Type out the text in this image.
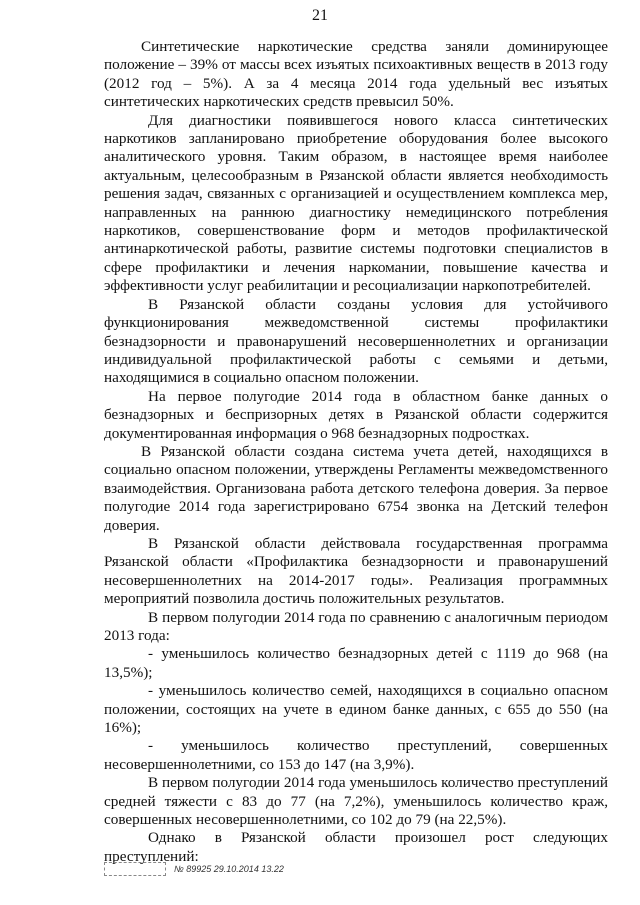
21

Синтетические наркотические средства заняли доминирующее положение – 39% от массы всех изъятых психоактивных веществ в 2013 году (2012 год – 5%). А за 4 месяца 2014 года удельный вес изъятых синтетических наркотических средств превысил 50%.

Для диагностики появившегося нового класса синтетических наркотиков запланировано приобретение оборудования более высокого аналитического уровня. Таким образом, в настоящее время наиболее актуальным, целесообразным в Рязанской области является необходимость решения задач, связанных с организацией и осуществлением комплекса мер, направленных на раннюю диагностику немедицинского потребления наркотиков, совершенствование форм и методов профилактической антинаркотической работы, развитие системы подготовки специалистов в сфере профилактики и лечения наркомании, повышение качества и эффективности услуг реабилитации и ресоциализации наркопотребителей.

В Рязанской области созданы условия для устойчивого функционирования межведомственной системы профилактики безнадзорности и правонарушений несовершеннолетних и организации индивидуальной профилактической работы с семьями и детьми, находящимися в социально опасном положении.

На первое полугодие 2014 года в областном банке данных о безнадзорных и беспризорных детях в Рязанской области содержится документированная информация о 968 безнадзорных подростках.

В Рязанской области создана система учета детей, находящихся в социально опасном положении, утверждены Регламенты межведомственного взаимодействия. Организована работа детского телефона доверия. За первое полугодие 2014 года зарегистрировано 6754 звонка на Детский телефон доверия.

В Рязанской области действовала государственная программа Рязанской области «Профилактика безнадзорности и правонарушений несовершеннолетних на 2014-2017 годы». Реализация программных мероприятий позволила достичь положительных результатов.

В первом полугодии 2014 года по сравнению с аналогичным периодом 2013 года:

- уменьшилось количество безнадзорных детей с 1119 до 968 (на 13,5%);

- уменьшилось количество семей, находящихся в социально опасном положении, состоящих на учете в едином банке данных, с 655 до 550 (на 16%);

- уменьшилось количество преступлений, совершенных несовершеннолетними, со 153 до 147 (на 3,9%).

В первом полугодии 2014 года уменьшилось количество преступлений средней тяжести с 83 до 77 (на 7,2%), уменьшилось количество краж, совершенных несовершеннолетними, со 102 до 79 (на 22,5%).

Однако в Рязанской области произошел рост следующих преступлений:

№ 89925 29.10.2014 13.22
